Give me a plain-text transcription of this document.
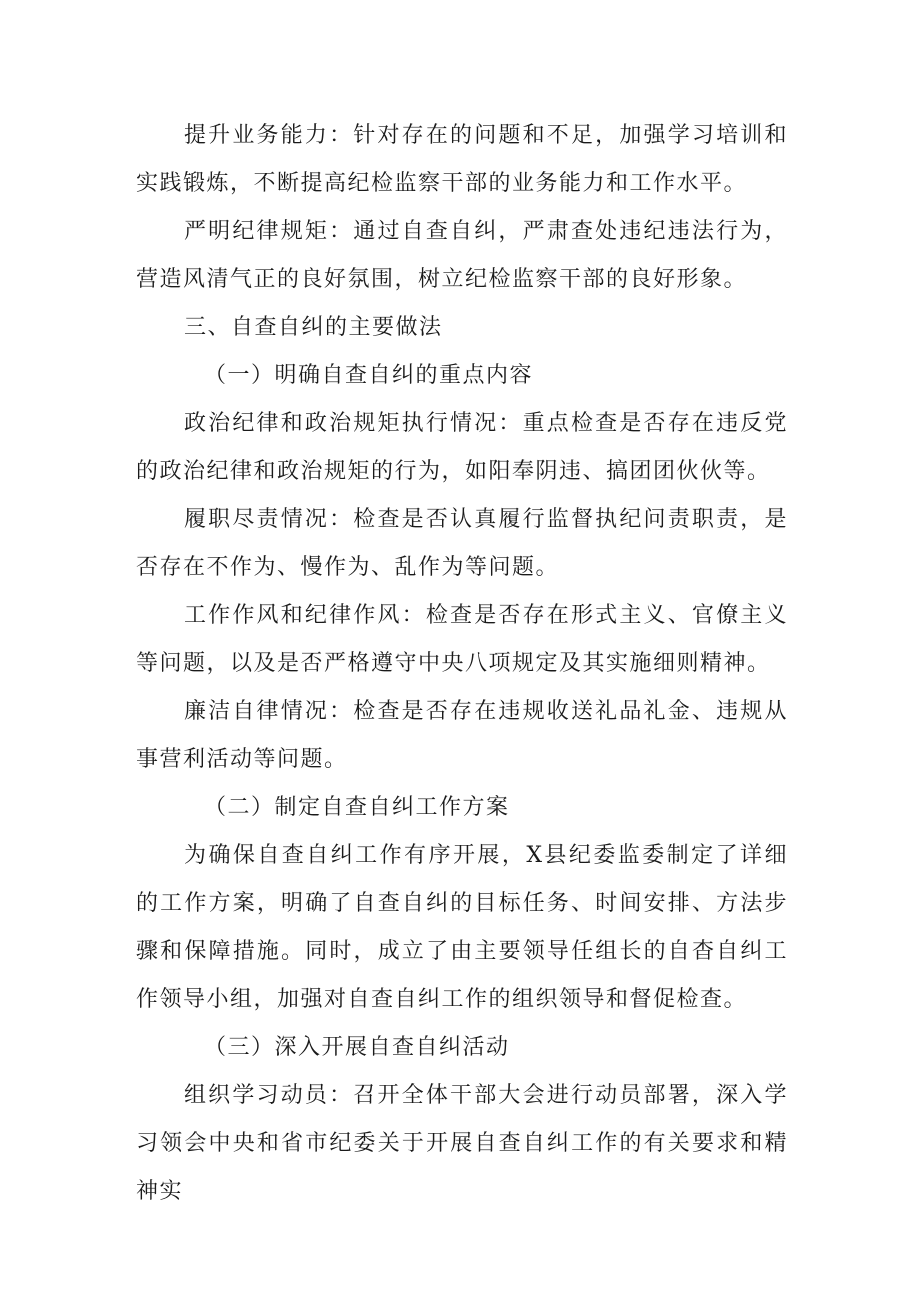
提升业务能力：针对存在的问题和不足，加强学习培训和实践锻炼，不断提高纪检监察干部的业务能力和工作水平。

严明纪律规矩：通过自查自纠，严肃查处违纪违法行为，营造风清气正的良好氛围，树立纪检监察干部的良好形象。

三、自查自纠的主要做法

（一）明确自查自纠的重点内容

政治纪律和政治规矩执行情况：重点检查是否存在违反党的政治纪律和政治规矩的行为，如阳奉阴违、搞团团伙伙等。

履职尽责情况：检查是否认真履行监督执纪问责职责，是否存在不作为、慢作为、乱作为等问题。

工作作风和纪律作风：检查是否存在形式主义、官僚主义等问题，以及是否严格遵守中央八项规定及其实施细则精神。

廉洁自律情况：检查是否存在违规收送礼品礼金、违规从事营利活动等问题。

（二）制定自查自纠工作方案

为确保自查自纠工作有序开展，X县纪委监委制定了详细的工作方案，明确了自查自纠的目标任务、时间安排、方法步骤和保障措施。同时，成立了由主要领导任组长的自杳自纠工作领导小组，加强对自查自纠工作的组织领导和督促检查。

（三）深入开展自查自纠活动

组织学习动员：召开全体干部大会进行动员部署，深入学习领会中央和省市纪委关于开展自查自纠工作的有关要求和精神实
